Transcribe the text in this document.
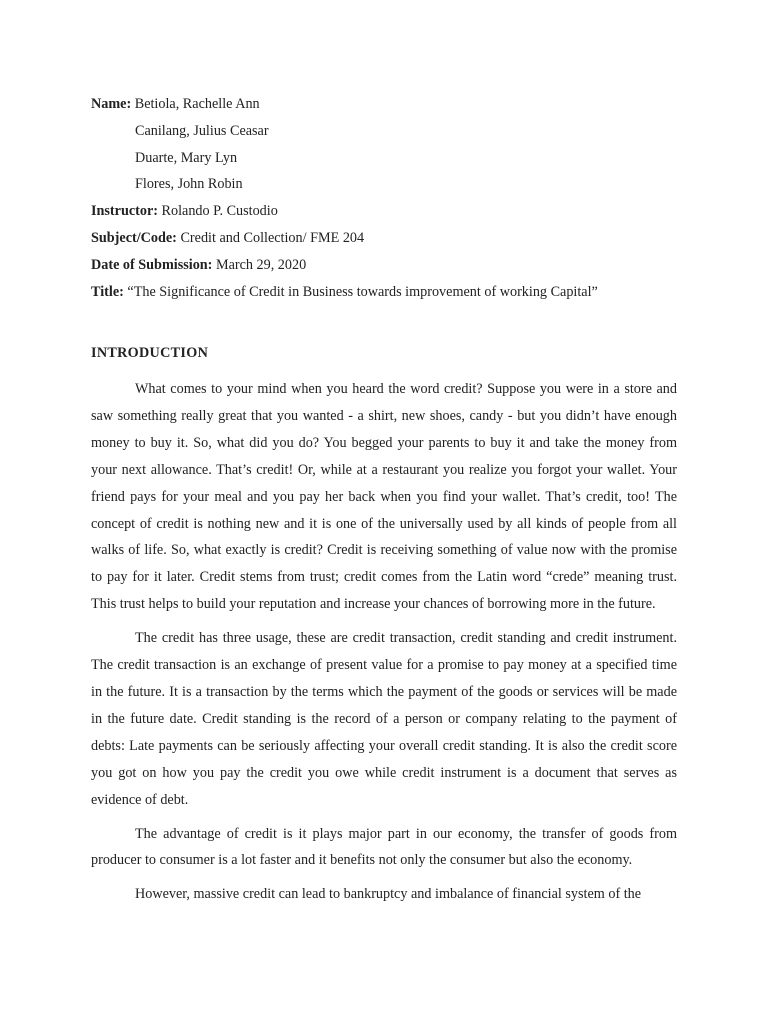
Name: Betiola, Rachelle Ann
Canilang, Julius Ceasar
Duarte, Mary Lyn
Flores, John Robin
Instructor: Rolando P. Custodio
Subject/Code: Credit and Collection/ FME 204
Date of Submission: March 29, 2020
Title: “The Significance of Credit in Business towards improvement of working Capital”
INTRODUCTION

What comes to your mind when you heard the word credit? Suppose you were in a store and saw something really great that you wanted - a shirt, new shoes, candy - but you didn’t have enough money to buy it. So, what did you do? You begged your parents to buy it and take the money from your next allowance. That’s credit! Or, while at a restaurant you realize you forgot your wallet. Your friend pays for your meal and you pay her back when you find your wallet. That’s credit, too! The concept of credit is nothing new and it is one of the universally used by all kinds of people from all walks of life. So, what exactly is credit? Credit is receiving something of value now with the promise to pay for it later. Credit stems from trust; credit comes from the Latin word “crede” meaning trust. This trust helps to build your reputation and increase your chances of borrowing more in the future.

The credit has three usage, these are credit transaction, credit standing and credit instrument. The credit transaction is an exchange of present value for a promise to pay money at a specified time in the future. It is a transaction by the terms which the payment of the goods or services will be made in the future date. Credit standing is the record of a person or company relating to the payment of debts: Late payments can be seriously affecting your overall credit standing. It is also the credit score you got on how you pay the credit you owe while credit instrument is a document that serves as evidence of debt.

The advantage of credit is it plays major part in our economy, the transfer of goods from producer to consumer is a lot faster and it benefits not only the consumer but also the economy.

However, massive credit can lead to bankruptcy and imbalance of financial system of the
